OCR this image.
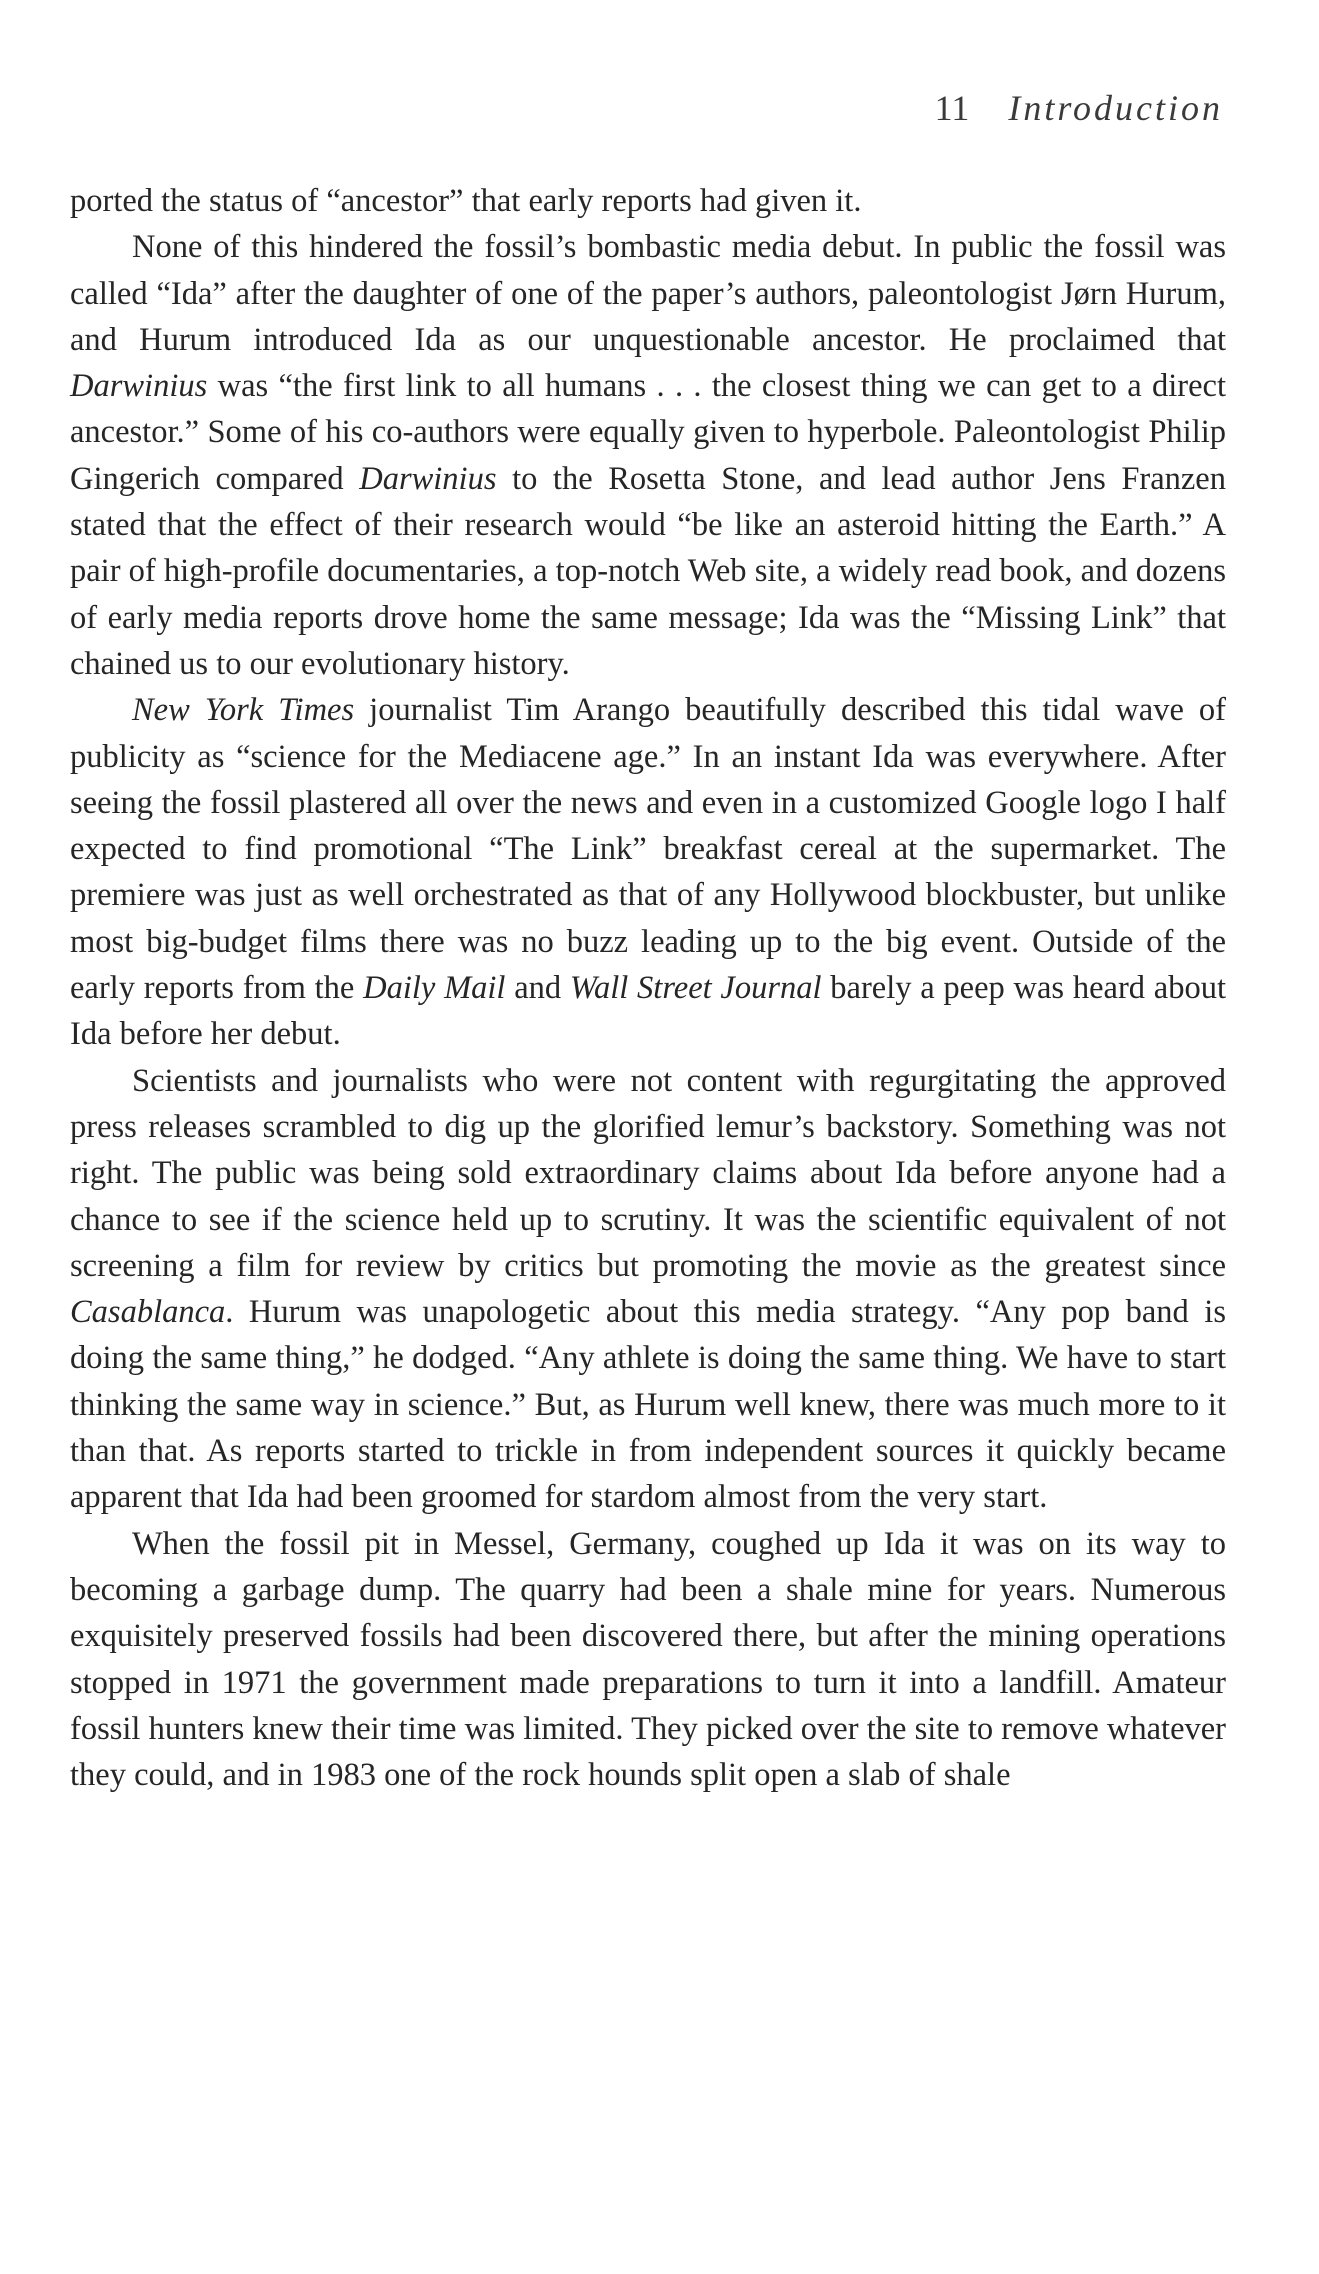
11 Introduction

ported the status of “ancestor” that early reports had given it.

None of this hindered the fossil’s bombastic media debut. In public the fossil was called “Ida” after the daughter of one of the paper’s authors, paleontologist Jørn Hurum, and Hurum introduced Ida as our unquestionable ancestor. He proclaimed that Darwinius was “the first link to all humans . . . the closest thing we can get to a direct ancestor.” Some of his co-authors were equally given to hyperbole. Paleontologist Philip Gingerich compared Darwinius to the Rosetta Stone, and lead author Jens Franzen stated that the effect of their research would “be like an asteroid hitting the Earth.” A pair of high-profile documentaries, a top-notch Web site, a widely read book, and dozens of early media reports drove home the same message; Ida was the “Missing Link” that chained us to our evolutionary history.

New York Times journalist Tim Arango beautifully described this tidal wave of publicity as “science for the Mediacene age.” In an instant Ida was everywhere. After seeing the fossil plastered all over the news and even in a customized Google logo I half expected to find promotional “The Link” breakfast cereal at the supermarket. The premiere was just as well orchestrated as that of any Hollywood blockbuster, but unlike most big-budget films there was no buzz leading up to the big event. Outside of the early reports from the Daily Mail and Wall Street Journal barely a peep was heard about Ida before her debut.

Scientists and journalists who were not content with regurgitating the approved press releases scrambled to dig up the glorified lemur’s backstory. Something was not right. The public was being sold extraordinary claims about Ida before anyone had a chance to see if the science held up to scrutiny. It was the scientific equivalent of not screening a film for review by critics but promoting the movie as the greatest since Casablanca. Hurum was unapologetic about this media strategy. “Any pop band is doing the same thing,” he dodged. “Any athlete is doing the same thing. We have to start thinking the same way in science.” But, as Hurum well knew, there was much more to it than that. As reports started to trickle in from independent sources it quickly became apparent that Ida had been groomed for stardom almost from the very start.

When the fossil pit in Messel, Germany, coughed up Ida it was on its way to becoming a garbage dump. The quarry had been a shale mine for years. Numerous exquisitely preserved fossils had been discovered there, but after the mining operations stopped in 1971 the government made preparations to turn it into a landfill. Amateur fossil hunters knew their time was limited. They picked over the site to remove whatever they could, and in 1983 one of the rock hounds split open a slab of shale
